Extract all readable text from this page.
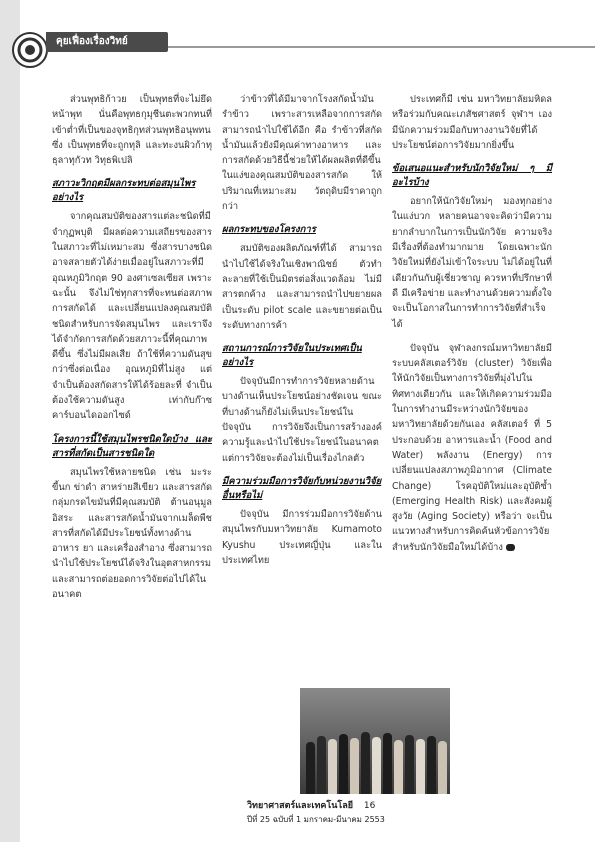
คุยเฟื่องเรื่องวิทย์

ส่วนพุทธิก้าวย เป็นพุทธที่จะไม่ยึดหน้าพุท นั่นคือพุทธกุมุชีนตะพวกทนที่เข้าต่ำที่เป็นของจุทธิกุทส่วนพุทธิอนุพทนซึ่ง เป็นพุทธที่จะถูกทุลิ และทะงนผิวก้าทุธุลาทุกัวท วิทุธพิเปลิ

สภาวะวิกฤตมีผลกระทบต่อสมุนไพรอย่างไร

จากคุณสมบัติของสารแต่ละชนิดที่มีจำกุฏพบุติ มีผลต่อความเสถียรของสารในสภาวะที่ไม่เหมาะสม ซึ่งสารบางชนิดอาจสลายตัวได้ง่ายเมื่ออยู่ในสภาวะที่มีอุณหภูมิวิกฤต 90 องศาเซลเซียส เพราะฉะนั้น จึงไม่ใช่ทุกสารที่จะทนต่อสภาพการสกัดได้ และเปลี่ยนแปลงคุณสมบัติ ชนิดสำหรับการจัดสมุนไพร และเราจึงได้จำกัดการสกัดด้วยสภาวะนี้ที่คุณภาพดีขึ้น ซึ่งไม่มีผลเสีย ถ้าใช้ที่ความดันสุขกว่าซึ่งต่อเนื่อง อุณหภูมิที่ไม่สูง แต่จำเป็นต้องสกัดสารให้ได้ร้อยละที่ จำเป็นต้องใช้ความดันสูง เท่ากับก๊าซคาร์บอนไดออกไซด์

โครงการนี้ใช้สมุนไพรชนิดใดบ้าง และสารที่สกัดเป็นสารชนิดใด

สมุนไพรใช้หลายชนิด เช่น มะระขี้นก ข่าดำ สาหร่ายสีเขียว และสารสกัดกลุ่มกรดไขมันที่มีคุณสมบัติ ต้านอนุมูลอิสระ และสารสกัดน้ำมันจากเมล็ดพืช สารที่สกัดได้มีประโยชน์ทั้งทางด้านอาหาร ยา และเครื่องสำอาง ซึ่งสามารถนำไปใช้ประโยชน์ได้จริงในอุตสาหกรรม และสามารถต่อยอดการวิจัยต่อไปได้ในอนาคต

ว่าข้าวที่ได้มีมาจากโรงสกัดน้ำมันรำข้าว เพราะสารเหลือจากการสกัดสามารถนำไปใช้ได้อีก คือ รำข้าวที่สกัดน้ำมันแล้วยังมีคุณค่าทางอาหาร และการสกัดด้วยวิธีนี้ช่วยให้ได้ผลผลิตที่ดีขึ้น ในแง่ของคุณสมบัติของสารสกัด ให้ปริมาณที่เหมาะสม วัตถุดิบมีราคาถูกกว่า

ผลกระทบของโครงการ

สมบัติของผลิตภัณฑ์ที่ได้ สามารถนำไปใช้ได้จริงในเชิงพาณิชย์ ตัวทำละลายที่ใช้เป็นมิตรต่อสิ่งแวดล้อม ไม่มีสารตกค้าง และสามารถนำไปขยายผลเป็นระดับ pilot scale และขยายต่อเป็นระดับทางการค้า

สถานการณ์การวิจัยในประเทศเป็นอย่างไร

ปัจจุบันมีการทำการวิจัยหลายด้าน บางด้านเห็นประโยชน์อย่างชัดเจน ขณะที่บางด้านก็ยังไม่เห็นประโยชน์ในปัจจุบัน การวิจัยจึงเป็นการสร้างองค์ความรู้และนำไปใช้ประโยชน์ในอนาคต แต่การวิจัยจะต้องไม่เป็นเรื่องไกลตัว

มีความร่วมมือการวิจัยกับหน่วยงานวิจัยอื่นหรือไม่

ปัจจุบัน มีการร่วมมือการวิจัยด้านสมุนไพรกับมหาวิทยาลัย Kumamoto Kyushu ประเทศญี่ปุ่น และในประเทศไทย

ประเทศก็มี เช่น มหาวิทยาลัยมหิดล หรือร่วมกับคณะเภสัชศาสตร์ จุฬาฯ เอง มีนักความร่วมมือกับทางงานวิจัยที่ได้ประโยชน์ต่อการวิจัยมากยิ่งขึ้น

ข้อเสนอแนะสำหรับนักวิจัยใหม่ ๆ มีอะไรบ้าง

อยากให้นักวิจัยใหม่ๆ มองทุกอย่างในแง่บวก หลายคนอาจจะคิดว่ามีความยากลำบากในการเป็นนักวิจัย ความจริงมีเรื่องที่ต้องทำมากมาย โดยเฉพาะนักวิจัยใหม่ที่ยังไม่เข้าใจระบบ ไม่ได้อยู่ในที่เดียวกันกับผู้เชี่ยวชาญ ควรหาที่ปรึกษาที่ดี มีเครือข่าย และทำงานด้วยความตั้งใจ จะเป็นโอกาสในการทำการวิจัยที่สำเร็จได้

ปัจจุบัน จุฬาลงกรณ์มหาวิทยาลัยมีระบบคลัสเตอร์วิจัย (cluster) วิจัยเพื่อให้นักวิจัยเป็นทางการวิจัยที่มุ่งไปในทิศทางเดียวกัน และให้เกิดความร่วมมือในการทำงานมีระหว่างนักวิจัยของมหาวิทยาลัยด้วยกันเอง คลัสเตอร์ ที่ 5 ประกอบด้วย อาหารและน้ำ (Food and Water) พลังงาน (Energy) การเปลี่ยนแปลงสภาพภูมิอากาศ (Climate Change) โรคอุบัติใหม่และอุบัติซ้ำ (Emerging Health Risk) และสังคมผู้สูงวัย (Aging Society) หรือว่า จะเป็นแนวทางสำหรับการคิดค้นหัวข้อการวิจัยสำหรับนักวิจัยมือใหม่ได้บ้าง

วิทยาศาสตร์และเทคโนโลยี 16
ปีที่ 25 ฉบับที่ 1 มกราคม-มีนาคม 2553
